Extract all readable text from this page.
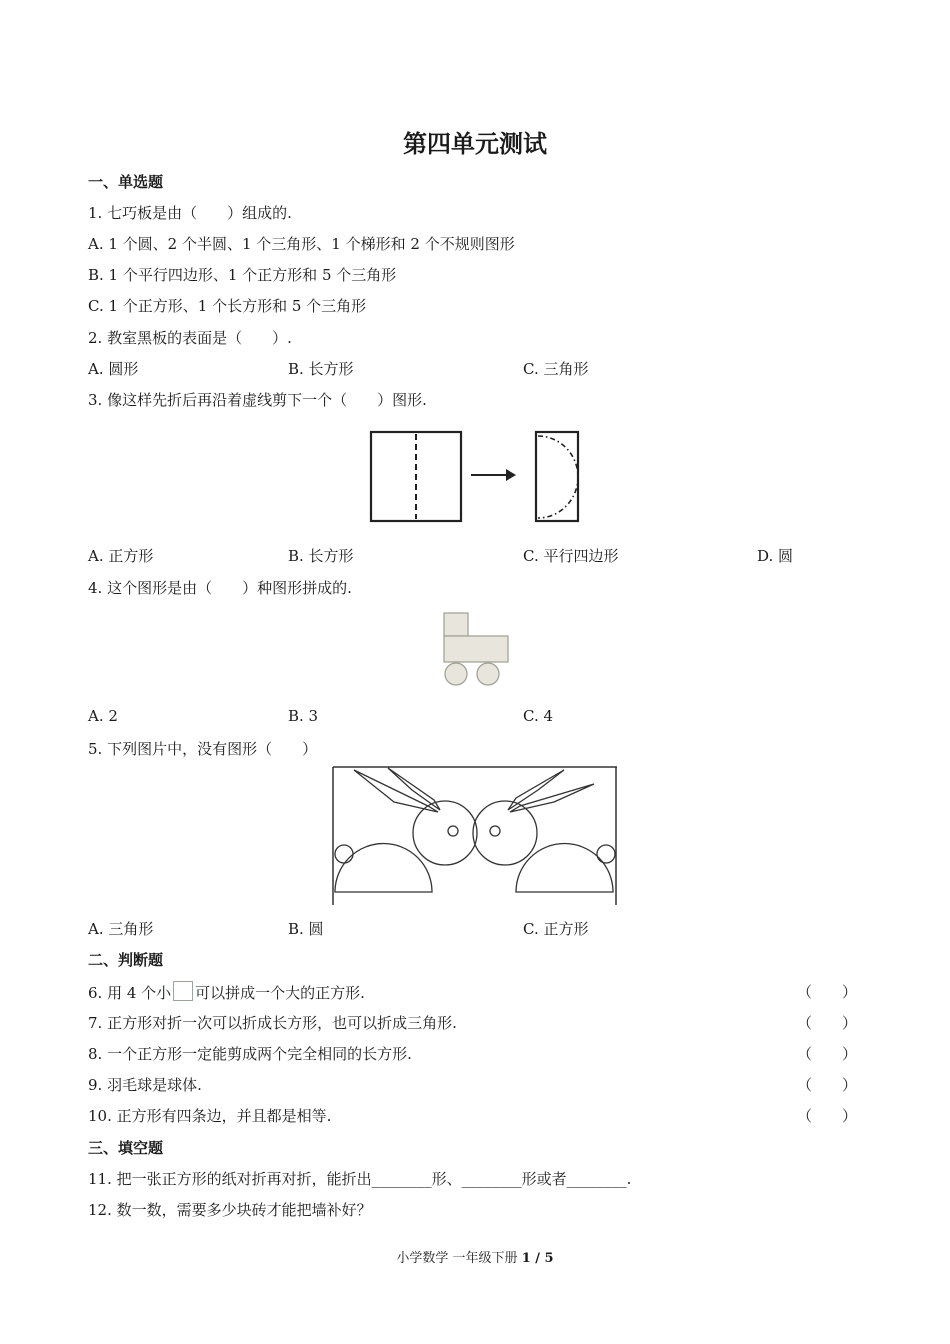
第四单元测试
一、单选题
1. 七巧板是由（　　）组成的.
A. 1 个圆、2 个半圆、1 个三角形、1 个梯形和 2 个不规则图形
B. 1 个平行四边形、1 个正方形和 5 个三角形
C. 1 个正方形、1 个长方形和 5 个三角形
2. 教室黑板的表面是（　　）.
A. 圆形	B. 长方形	C. 三角形
3. 像这样先折后再沿着虚线剪下一个（　　）图形.
A. 正方形	B. 长方形	C. 平行四边形	D. 圆
4. 这个图形是由（　　）种图形拼成的.
A. 2	B. 3	C. 4
5. 下列图片中，没有图形（　　）
A. 三角形	B. 圆	C. 正方形
二、判断题
6. 用 4 个小 可以拼成一个大的正方形.	（　　）
7. 正方形对折一次可以折成长方形，也可以折成三角形.	（　　）
8. 一个正方形一定能剪成两个完全相同的长方形.	（　　）
9. 羽毛球是球体.	（　　）
10. 正方形有四条边，并且都是相等.	（　　）
三、填空题
11. 把一张正方形的纸对折再对折，能折出________形、________形或者________.
12. 数一数，需要多少块砖才能把墙补好？
小学数学 一年级下册 1 / 5
